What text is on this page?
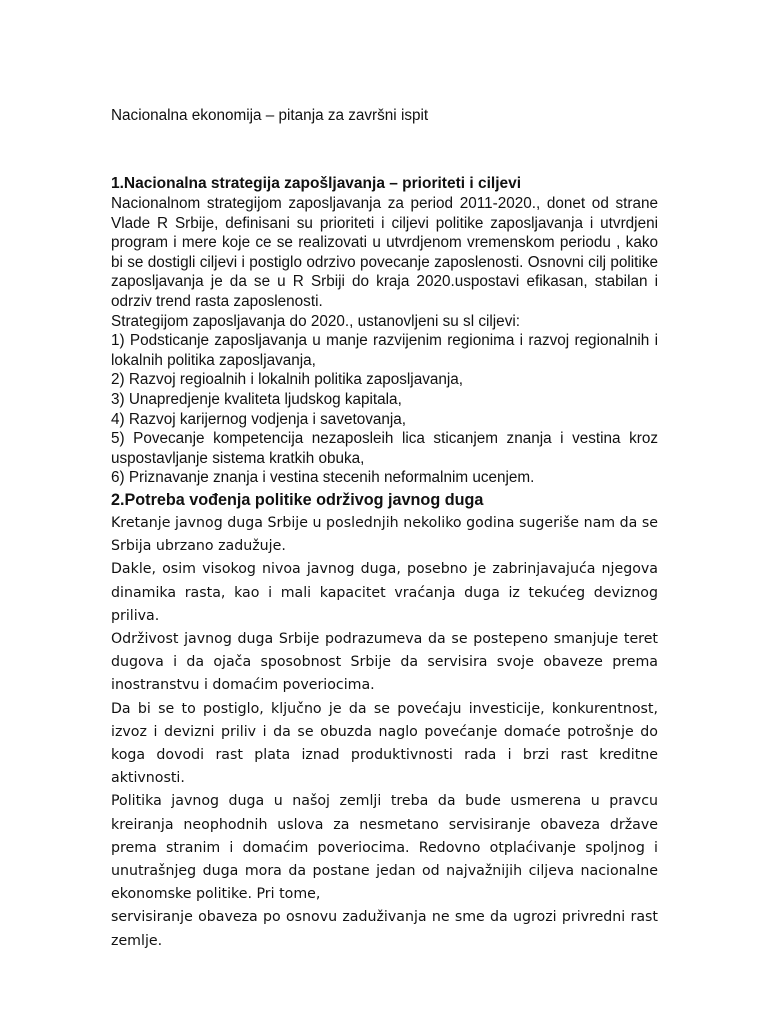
Nacionalna ekonomija – pitanja za završni ispit
1.Nacionalna strategija zapošljavanja – prioriteti i ciljevi

Nacionalnom strategijom zaposljavanja za period 2011-2020., donet od strane Vlade R Srbije, definisani su prioriteti i ciljevi politike zaposljavanja i utvrdjeni program i mere koje ce se realizovati u utvrdjenom vremenskom periodu , kako bi se dostigli ciljevi i postiglo odrzivo povecanje zaposlenosti. Osnovni cilj politike zaposljavanja je da se u R Srbiji do kraja 2020.uspostavi efikasan, stabilan i odrziv trend rasta zaposlenosti.

Strategijom zaposljavanja do 2020., ustanovljeni su sl ciljevi:

1) Podsticanje zaposljavanja u manje razvijenim regionima i razvoj regionalnih i lokalnih politika zaposljavanja,

2) Razvoj regioalnih i lokalnih politika zaposljavanja,

3) Unapredjenje kvaliteta ljudskog kapitala,

4) Razvoj karijernog vodjenja i savetovanja,

5) Povecanje kompetencija nezaposleih lica sticanjem znanja i vestina kroz uspostavljanje sistema kratkih obuka,

6) Priznavanje znanja i vestina stecenih neformalnim ucenjem.

2.Potreba vođenja politike održivog javnog duga

Kretanje javnog duga Srbije u poslednjih nekoliko godina sugeriše nam da se Srbija ubrzano zadužuje.

Dakle, osim visokog nivoa javnog duga, posebno je zabrinjavajuća njegova dinamika rasta, kao i mali kapacitet vraćanja duga iz tekućeg deviznog priliva.

Održivost javnog duga Srbije podrazumeva da se postepeno smanjuje teret dugova i da ojača sposobnost Srbije da servisira svoje obaveze prema inostranstvu i domaćim poveriocima.

Da bi se to postiglo, ključno je da se povećaju investicije, konkurentnost, izvoz i devizni priliv i da se obuzda naglo povećanje domaće potrošnje do koga dovodi rast plata iznad produktivnosti rada i brzi rast kreditne aktivnosti.

Politika javnog duga u našoj zemlji treba da bude usmerena u pravcu kreiranja neophodnih uslova za nesmetano servisiranje obaveza države prema stranim i domaćim poveriocima. Redovno otplaćivanje spoljnog i unutrašnjeg duga mora da postane jedan od najvažnijih ciljeva nacionalne ekonomske politike. Pri tome,

servisiranje obaveza po osnovu zaduživanja ne sme da ugrozi privredni rast zemlje.
